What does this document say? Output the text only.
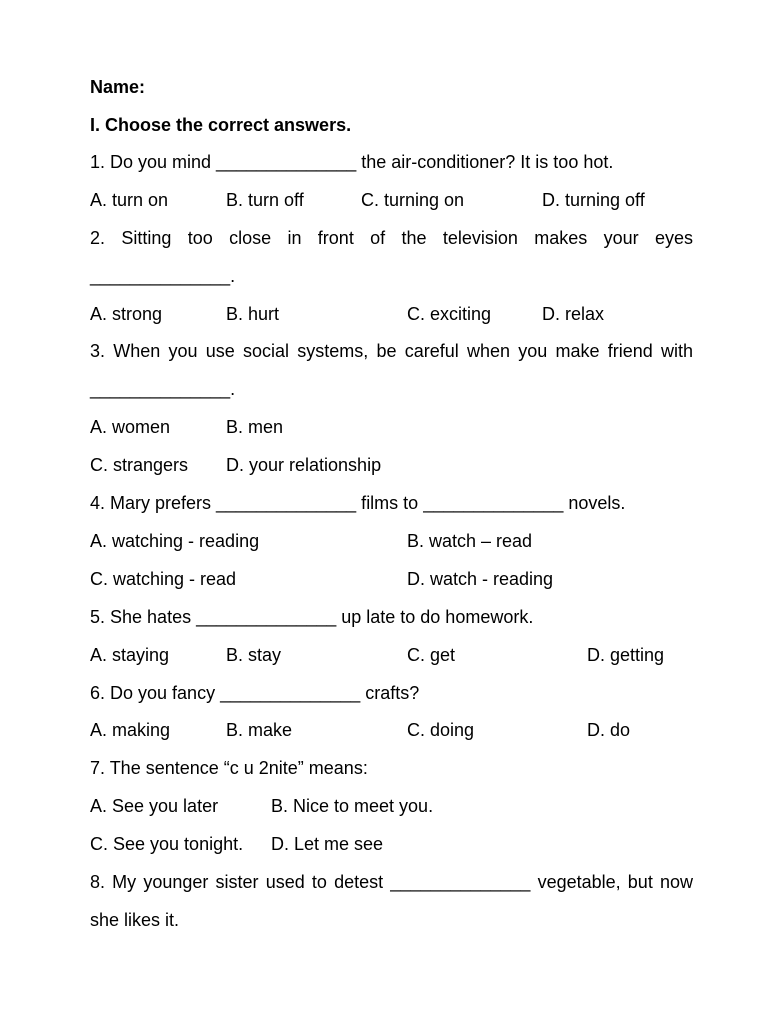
Name:
I. Choose the correct answers.
1. Do you mind ______________ the air-conditioner? It is too hot.
A. turn on	B. turn off	C. turning on	D. turning off
2. Sitting too close in front of the television makes your eyes
______________.
A. strong	B. hurt	C. exciting	D. relax
3. When you use social systems, be careful when you make friend with
______________.
A. women	B. men
C. strangers D. your relationship
4. Mary prefers ______________ films to ______________ novels.
A. watching - reading	B. watch – read
C. watching - read	D. watch - reading
5. She hates ______________ up late to do homework.
A. staying	B. stay	C. get	D. getting
6. Do you fancy ______________ crafts?
A. making	B. make	C. doing	D. do
7. The sentence “c u 2nite” means:
A. See you later	B. Nice to meet you.
C. See you tonight. D. Let me see
8. My younger sister used to detest ______________ vegetable, but now
she likes it.
